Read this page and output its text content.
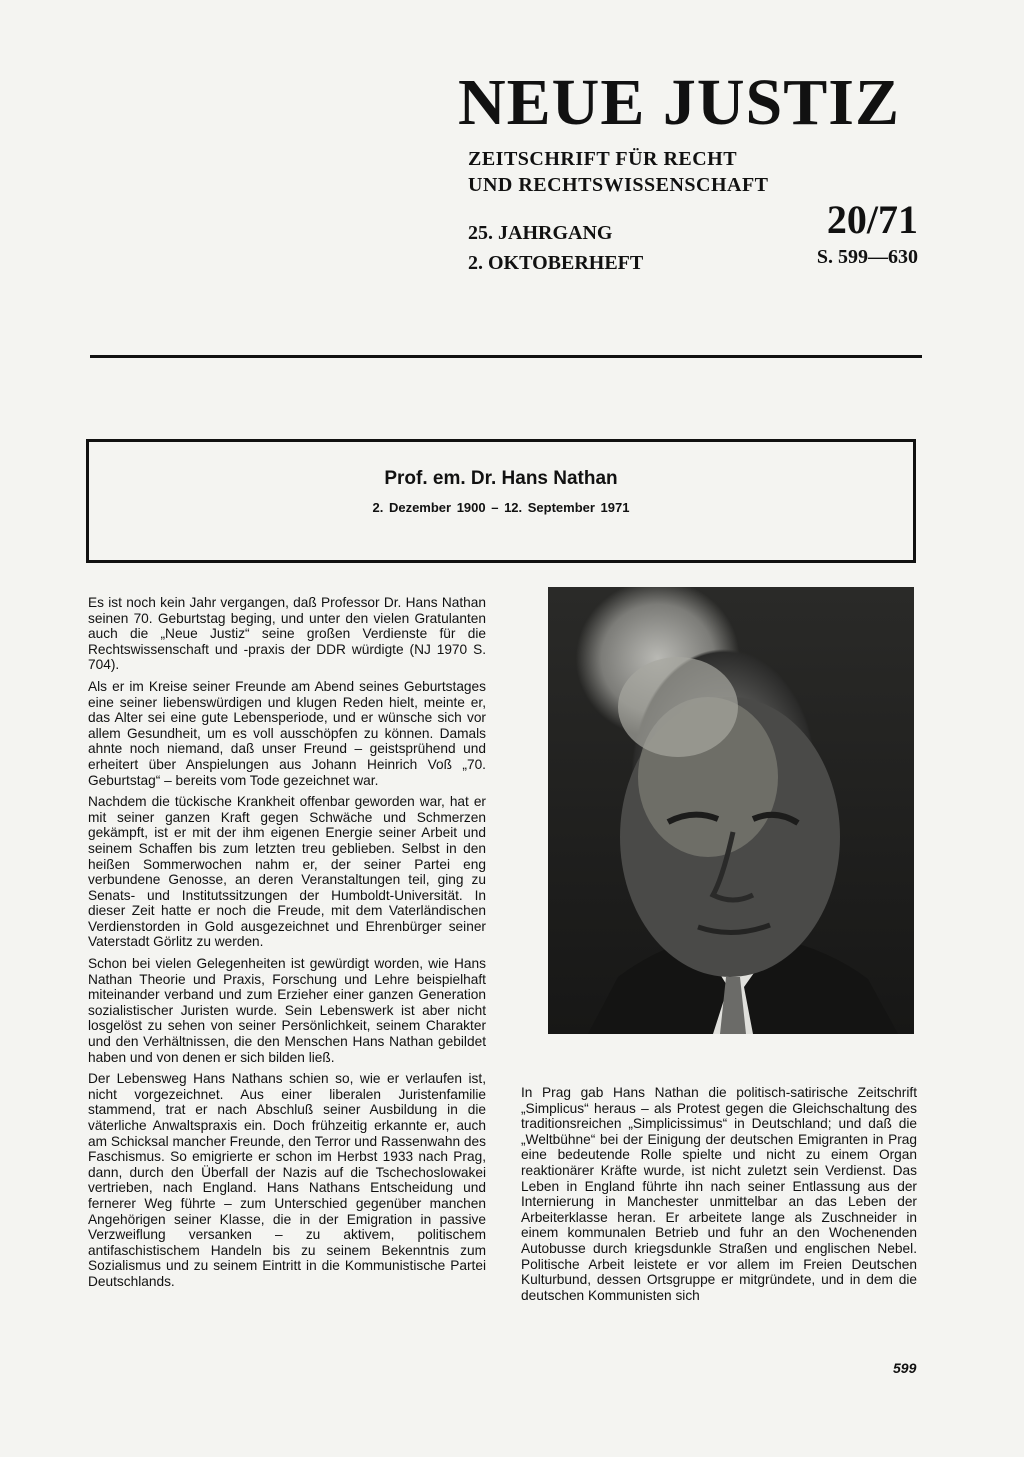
NEUE JUSTIZ
ZEITSCHRIFT FÜR RECHT
UND RECHTSWISSENSCHAFT
25. JAHRGANG
2. OKTOBERHEFT
20/71
S. 599—630

Prof. em. Dr. Hans Nathan

2. Dezember 1900 – 12. September 1971

Es ist noch kein Jahr vergangen, daß Professor Dr. Hans Nathan seinen 70. Geburtstag beging, und unter den vielen Gratulanten auch die „Neue Justiz“ seine großen Verdienste für die Rechtswissenschaft und -praxis der DDR würdigte (NJ 1970 S. 704).

Als er im Kreise seiner Freunde am Abend seines Geburtstages eine seiner liebenswürdigen und klugen Reden hielt, meinte er, das Alter sei eine gute Lebensperiode, und er wünsche sich vor allem Gesundheit, um es voll ausschöpfen zu können. Damals ahnte noch niemand, daß unser Freund – geistsprühend und erheitert über Anspielungen aus Johann Heinrich Voß „70. Geburtstag“ – bereits vom Tode gezeichnet war.

Nachdem die tückische Krankheit offenbar geworden war, hat er mit seiner ganzen Kraft gegen Schwäche und Schmerzen gekämpft, ist er mit der ihm eigenen Energie seiner Arbeit und seinem Schaffen bis zum letzten treu geblieben. Selbst in den heißen Sommerwochen nahm er, der seiner Partei eng verbundene Genosse, an deren Veranstaltungen teil, ging zu Senats- und Institutssitzungen der Humboldt-Universität. In dieser Zeit hatte er noch die Freude, mit dem Vaterländischen Verdienstorden in Gold ausgezeichnet und Ehrenbürger seiner Vaterstadt Görlitz zu werden.

Schon bei vielen Gelegenheiten ist gewürdigt worden, wie Hans Nathan Theorie und Praxis, Forschung und Lehre beispielhaft miteinander verband und zum Erzieher einer ganzen Generation sozialistischer Juristen wurde. Sein Lebenswerk ist aber nicht losgelöst zu sehen von seiner Persönlichkeit, seinem Charakter und den Verhältnissen, die den Menschen Hans Nathan gebildet haben und von denen er sich bilden ließ.

Der Lebensweg Hans Nathans schien so, wie er verlaufen ist, nicht vorgezeichnet. Aus einer liberalen Juristenfamilie stammend, trat er nach Abschluß seiner Ausbildung in die väterliche Anwaltspraxis ein. Doch frühzeitig erkannte er, auch am Schicksal mancher Freunde, den Terror und Rassenwahn des Faschismus. So emigrierte er schon im Herbst 1933 nach Prag, dann, durch den Überfall der Nazis auf die Tschechoslowakei vertrieben, nach England. Hans Nathans Entscheidung und fernerer Weg führte – zum Unterschied gegenüber manchen Angehörigen seiner Klasse, die in der Emigration in passive Verzweiflung versanken – zu aktivem, politischem antifaschistischem Handeln bis zu seinem Bekenntnis zum Sozialismus und zu seinem Eintritt in die Kommunistische Partei Deutschlands.

In Prag gab Hans Nathan die politisch-satirische Zeitschrift „Simplicus“ heraus – als Protest gegen die Gleichschaltung des traditionsreichen „Simplicissimus“ in Deutschland; und daß die „Weltbühne“ bei der Einigung der deutschen Emigranten in Prag eine bedeutende Rolle spielte und nicht zu einem Organ reaktionärer Kräfte wurde, ist nicht zuletzt sein Verdienst. Das Leben in England führte ihn nach seiner Entlassung aus der Internierung in Manchester unmittelbar an das Leben der Arbeiterklasse heran. Er arbeitete lange als Zuschneider in einem kommunalen Betrieb und fuhr an den Wochenenden Autobusse durch kriegsdunkle Straßen und englischen Nebel. Politische Arbeit leistete er vor allem im Freien Deutschen Kulturbund, dessen Ortsgruppe er mitgründete, und in dem die deutschen Kommunisten sich

599
